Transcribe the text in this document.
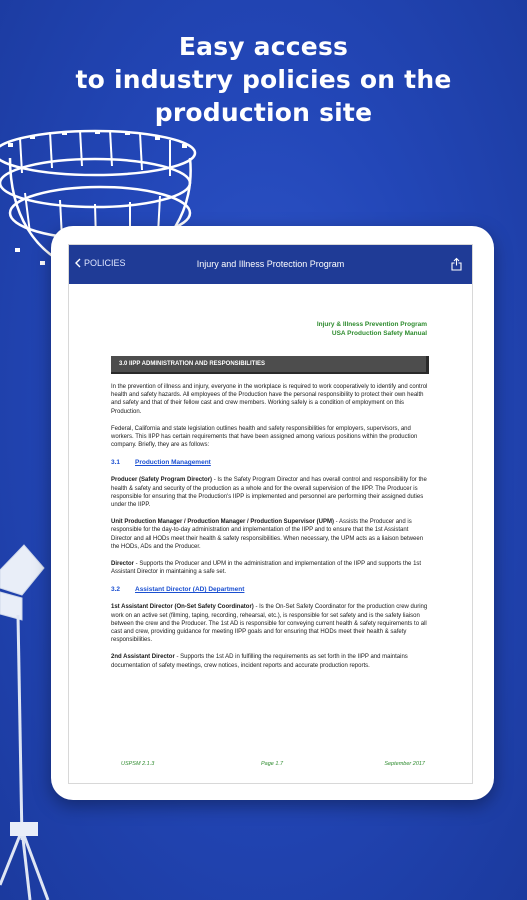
Easy access
to industry policies on the
production site
POLICIES	Injury and Illness Protection Program
Injury & Illness Prevention Program
USA Production Safety Manual
3.0 IIPP ADMINISTRATION AND RESPONSIBILITIES
In the prevention of illness and injury, everyone in the workplace is required to work cooperatively to identify and control health and safety hazards. All employees of the Production have the personal responsibility to protect their own health and safety and that of their fellow cast and crew members. Working safely is a condition of employment on this Production.
Federal, California and state legislation outlines health and safety responsibilities for employers, supervisors, and workers. This IIPP has certain requirements that have been assigned among various positions within the production company. Briefly, they are as follows:
3.1 Production Management
Producer (Safety Program Director) - Is the Safety Program Director and has overall control and responsibility for the health & safety and security of the production as a whole and for the overall supervision of the IIPP. The Producer is responsible for ensuring that the Production's IIPP is implemented and personnel are performing their assigned duties under the IIPP.
Unit Production Manager / Production Manager / Production Supervisor (UPM) - Assists the Producer and is responsible for the day-to-day administration and implementation of the IIPP and to ensure that the 1st Assistant Director and all HODs meet their health & safety responsibilities. When necessary, the UPM acts as a liaison between the HODs, ADs and the Producer.
Director - Supports the Producer and UPM in the administration and implementation of the IIPP and supports the 1st Assistant Director in maintaining a safe set.
3.2 Assistant Director (AD) Department
1st Assistant Director (On-Set Safety Coordinator) - Is the On-Set Safety Coordinator for the production crew during work on an active set (filming, taping, recording, rehearsal, etc.), is responsible for set safety and is the safety liaison between the crew and the Producer. The 1st AD is responsible for conveying current health & safety requirements to all cast and crew, providing guidance for meeting IIPP goals and for ensuring that HODs meet their health & safety responsibilities.
2nd Assistant Director - Supports the 1st AD in fulfilling the requirements as set forth in the IIPP and maintains documentation of safety meetings, crew notices, incident reports and accurate production reports.
USPSM 2.1.3	Page 1.7	September 2017
